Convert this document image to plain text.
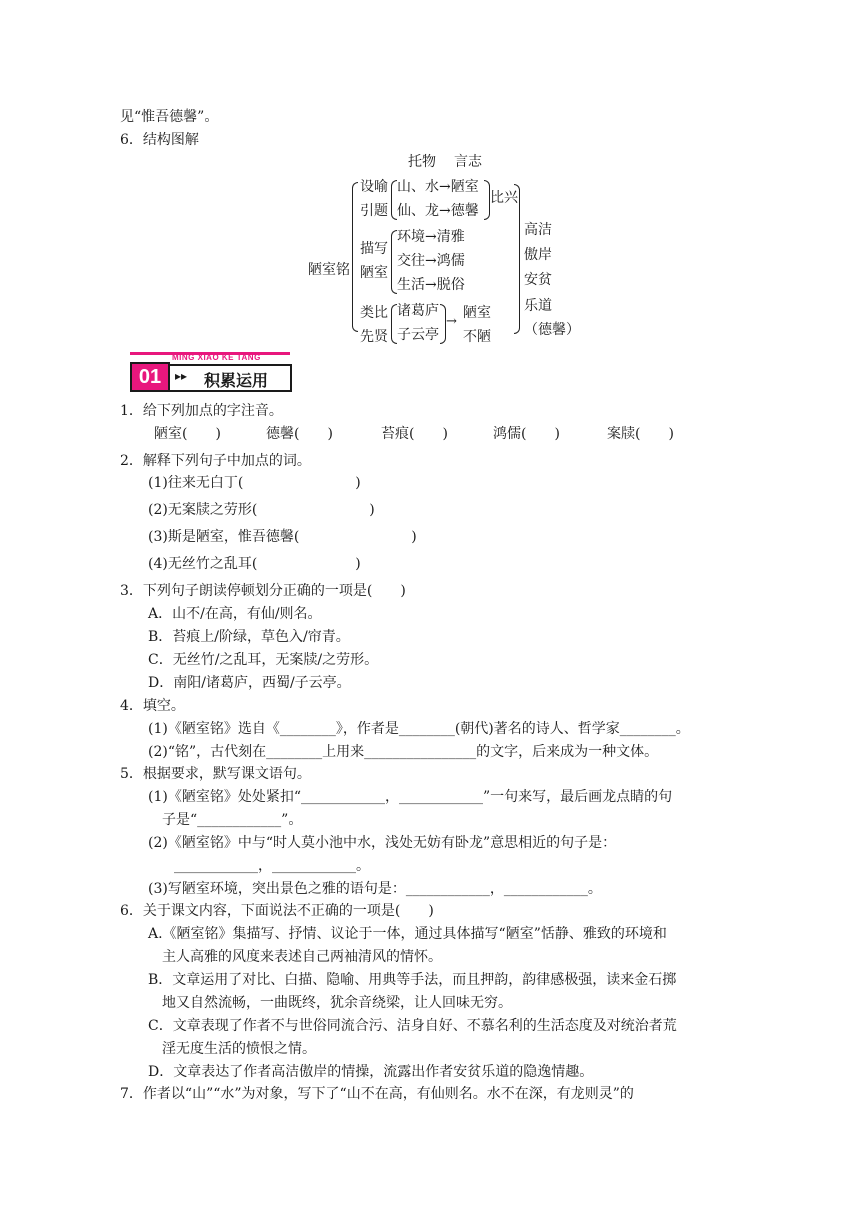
见“惟吾德馨”。
6．结构图解
托物 言志
陋室铭
设喻
引题
山、水→陋室
仙、龙→德馨
比兴
描写
陋室
环境→清雅
交往→鸿儒
生活→脱俗
类比
先贤
诸葛庐
子云亭
→
陋室
不陋
高洁
傲岸
安贫
乐道
（德馨）
MING XIAO KE TANG
01	▸▸ 积累运用
1．给下列加点的字注音。
陋室(　　)	德馨(　　)	苔痕(　　)	鸿儒(　　)	案牍(　　)
2．解释下列句子中加点的词。
(1)往来无白丁(　　　　　　　　)
(2)无案牍之劳形(　　　　　　　　)
(3)斯是陋室，惟吾德馨(　　　　　　　　)
(4)无丝竹之乱耳(　　　　　　　)
3．下列句子朗读停顿划分正确的一项是(　　)
A．山不/在高，有仙/则名。
B．苔痕上/阶绿，草色入/帘青。
C．无丝竹/之乱耳，无案牍/之劳形。
D．南阳/诸葛庐，西蜀/子云亭。
4．填空。
(1)《陋室铭》选自《________》，作者是________(朝代)著名的诗人、哲学家________。
(2)“铭”，古代刻在________上用来________________的文字，后来成为一种文体。
5．根据要求，默写课文语句。
(1)《陋室铭》处处紧扣“____________，____________”一句来写，最后画龙点睛的句
子是“____________”。
(2)《陋室铭》中与“时人莫小池中水，浅处无妨有卧龙”意思相近的句子是：
____________，____________。
(3)写陋室环境，突出景色之雅的语句是：____________，____________。
6．关于课文内容，下面说法不正确的一项是(　　)
A.《陋室铭》集描写、抒情、议论于一体，通过具体描写“陋室”恬静、雅致的环境和
主人高雅的风度来表述自己两袖清风的情怀。
B．文章运用了对比、白描、隐喻、用典等手法，而且押韵，韵律感极强，读来金石掷
地又自然流畅，一曲既终，犹余音绕梁，让人回味无穷。
C．文章表现了作者不与世俗同流合污、洁身自好、不慕名利的生活态度及对统治者荒
淫无度生活的愤恨之情。
D．文章表达了作者高洁傲岸的情操，流露出作者安贫乐道的隐逸情趣。
7．作者以“山”“水”为对象，写下了“山不在高，有仙则名。水不在深，有龙则灵”的
